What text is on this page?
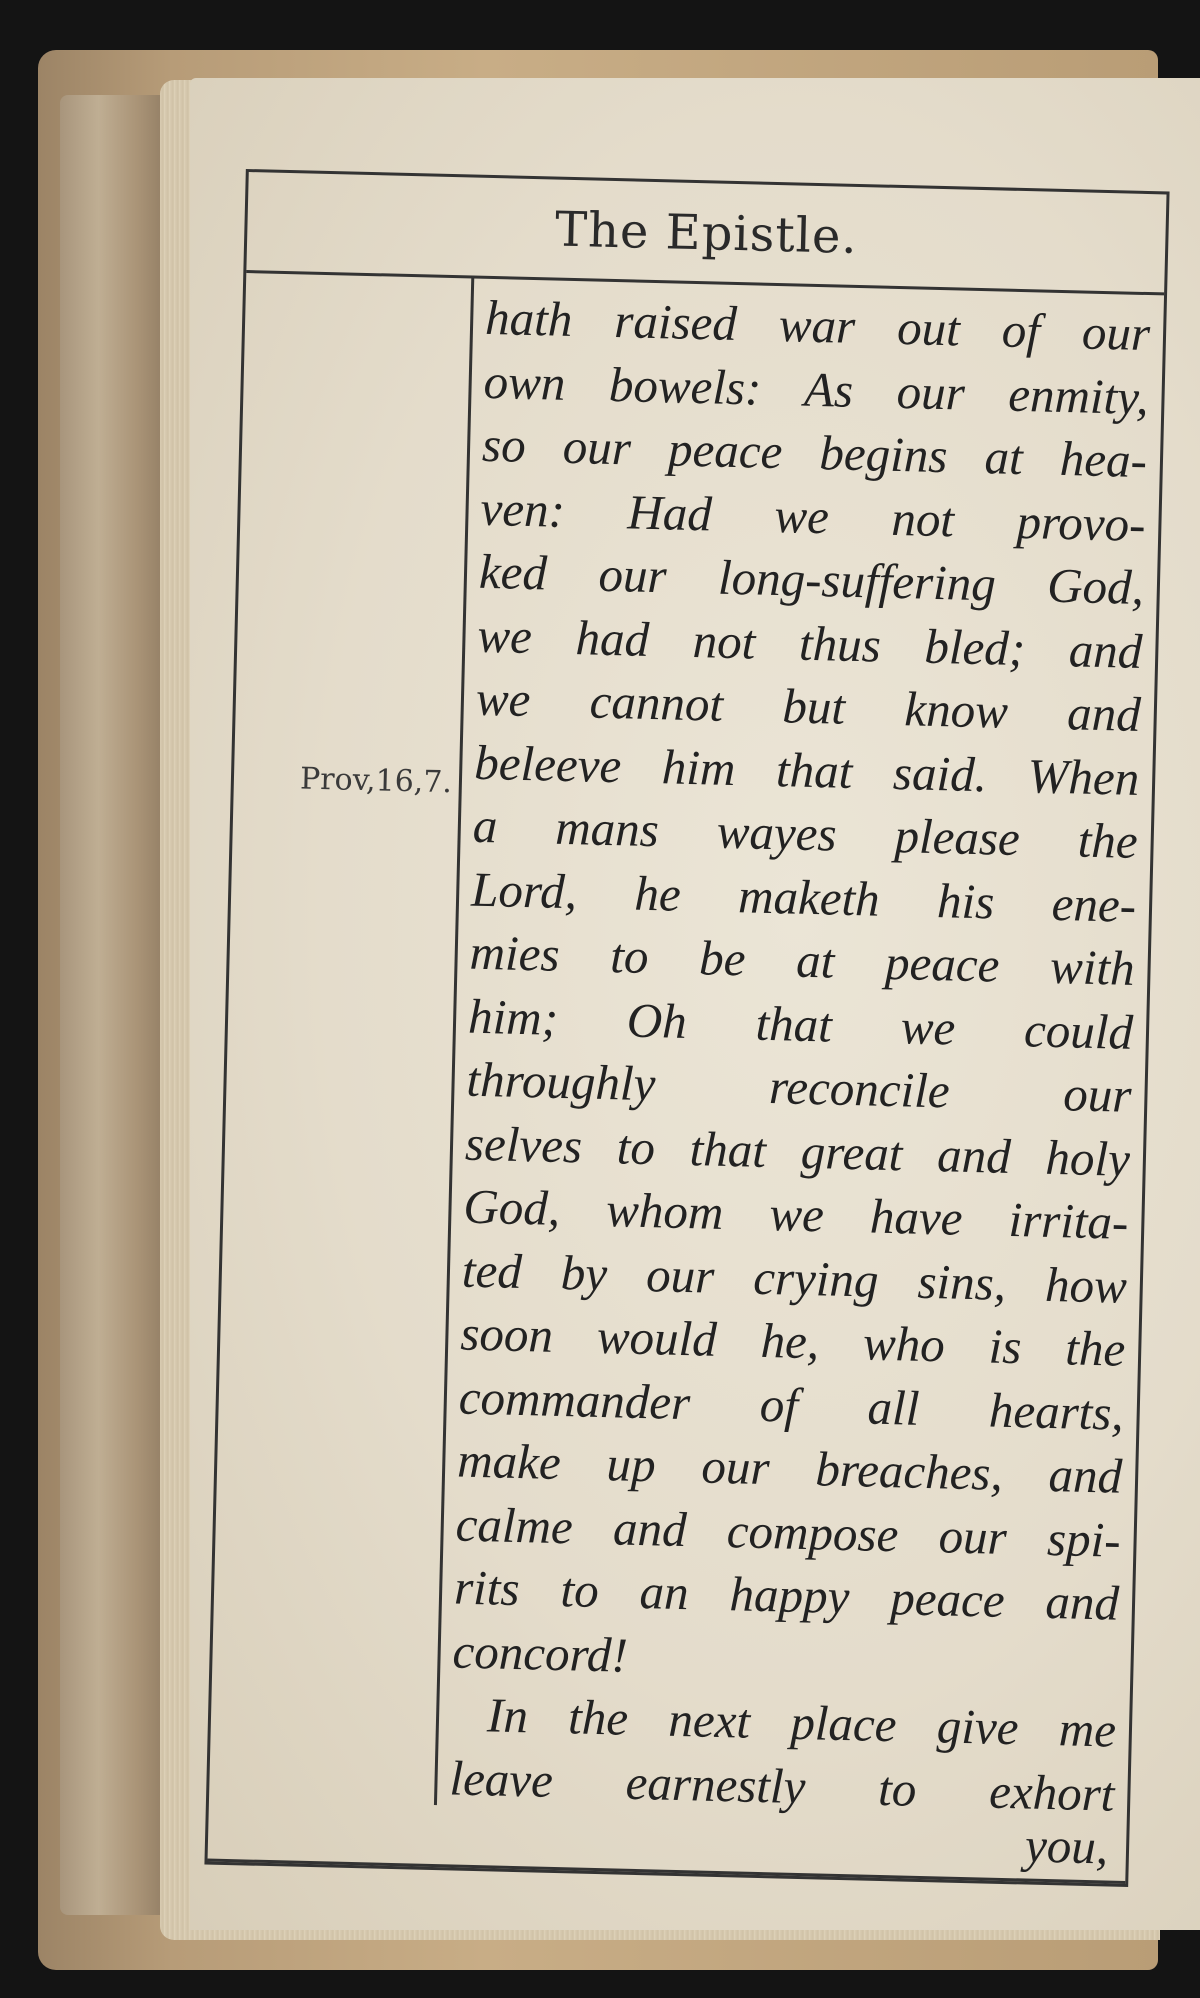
The Epistle.
Prov,16,7.
hath raised war out of our
own bowels: As our enmity,
so our peace begins at hea-
ven: Had we not provo-
ked our long-suffering God,
we had not thus bled; and
we cannot but know and
beleeve him that said. When
a mans wayes please the
Lord, he maketh his ene-
mies to be at peace with
him; Oh that we could
throughly reconcile our
selves to that great and holy
God, whom we have irrita-
ted by our crying sins, how
soon would he, who is the
commander of all hearts,
make up our breaches, and
calme and compose our spi-
rits to an happy peace and
concord!
In the next place give me
leave earnestly to exhort
you,
